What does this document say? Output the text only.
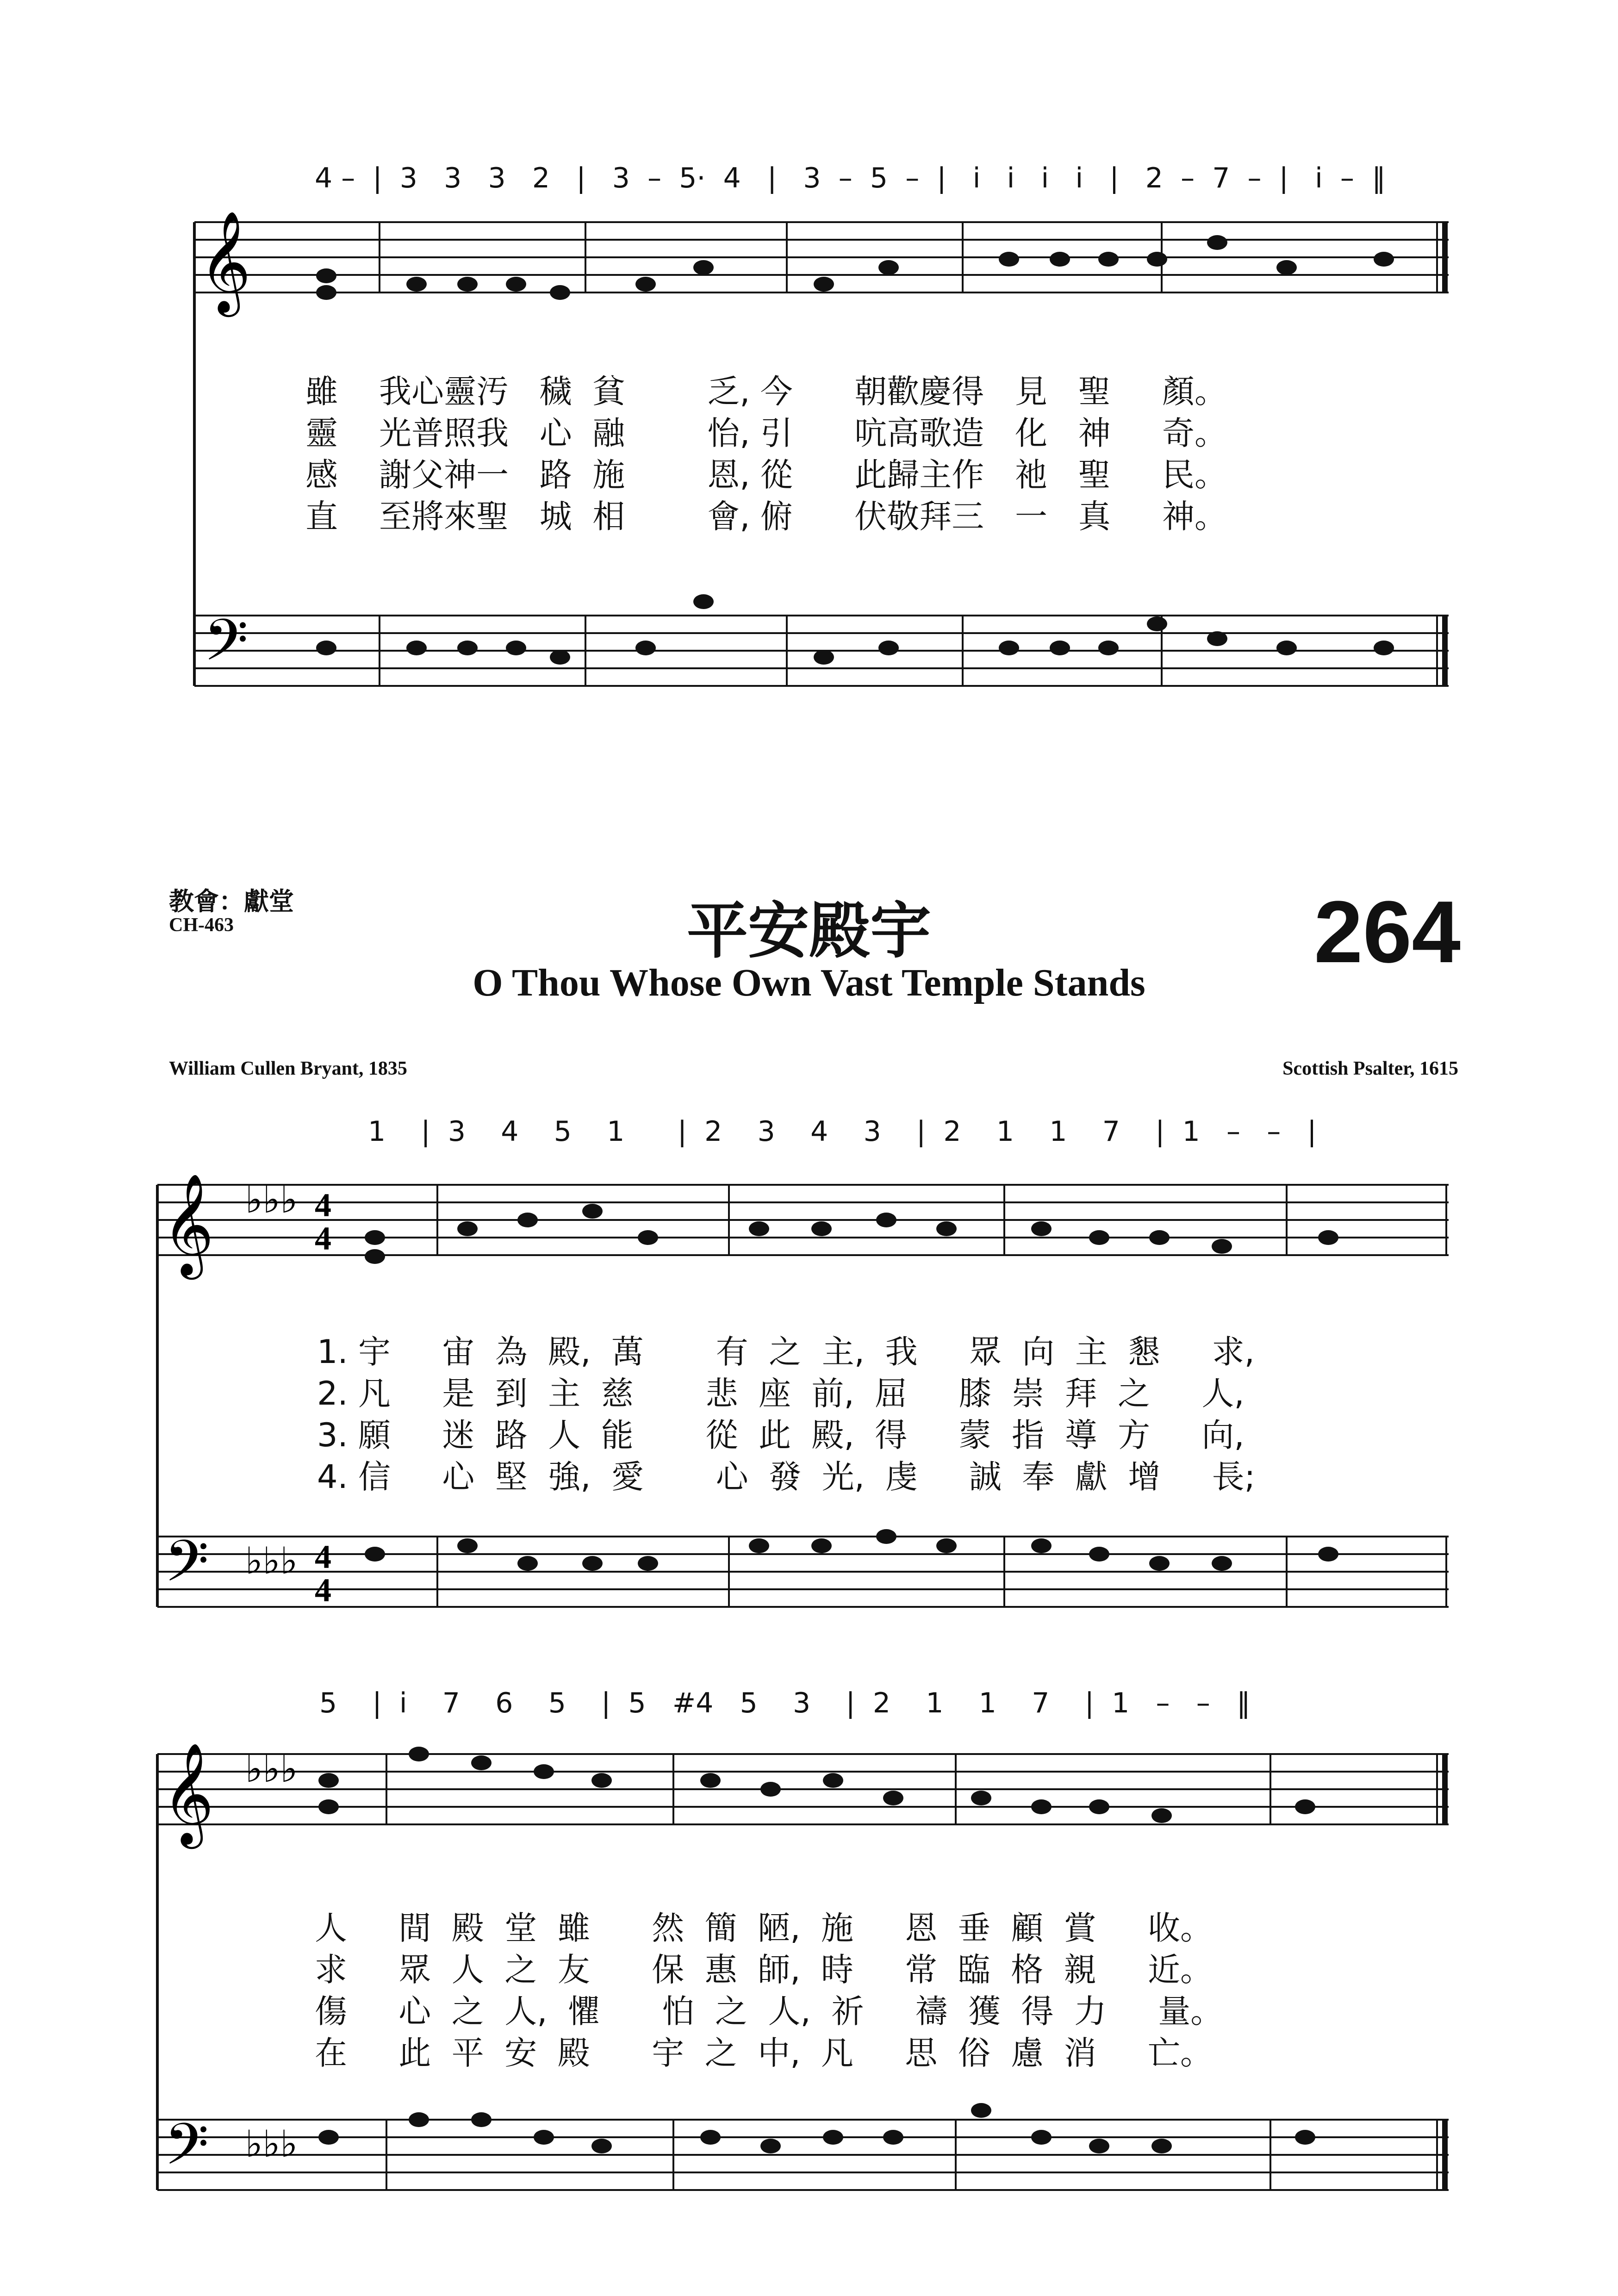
4 –  |  3   3   3   2   |   3  –  5·  4   |   3  –  5  –  |   i   i   i   i   |   2  –  7  –  |   i  –  ‖
𝄞
𝄢
雖    我心靈汚   穢  貧        乏, 今      朝歡慶得   見   聖     顏。
靈    光普照我   心  融        怡, 引      吭高歌造   化   神     奇。
感    謝父神一   路  施        恩, 從      此歸主作   祂   聖     民。
直    至將來聖   城  相        會, 俯      伏敬拜三   一   真     神。
教會：獻堂
CH-463	平安殿宇
O Thou Whose Own Vast Temple Stands
264
William Cullen Bryant, 1835	Scottish Psalter, 1615
1    |  3    4    5    1      |  2    3    4    3    |  2    1    1    7    |  1   –   –   |
𝄞
𝄢
♭♭♭
♭♭♭
4
4
4
4
1. 宇     宙  為  殿,  萬       有  之  主,  我     眾  向  主  懇     求,
2. 凡     是  到  主  慈       悲  座  前,  屈     膝  崇  拜  之     人,
3. 願     迷  路  人  能       從  此  殿,  得     蒙  指  導  方     向,
4. 信     心  堅  強,  愛       心  發  光,  虔     誠  奉  獻  增     長;
5    |  i    7    6    5    |  5   #4   5    3    |  2    1    1    7    |  1   –   –   ‖
𝄞
𝄢
♭♭♭
♭♭♭
人     間  殿  堂  雖      然  簡  陋,  施     恩  垂  顧  賞     收。
求     眾  人  之  友      保  惠  師,  時     常  臨  格  親     近。
傷     心  之  人,  懼      怕  之  人,  祈     禱  獲  得  力     量。
在     此  平  安  殿      宇  之  中,  凡     思  俗  慮  消     亡。
